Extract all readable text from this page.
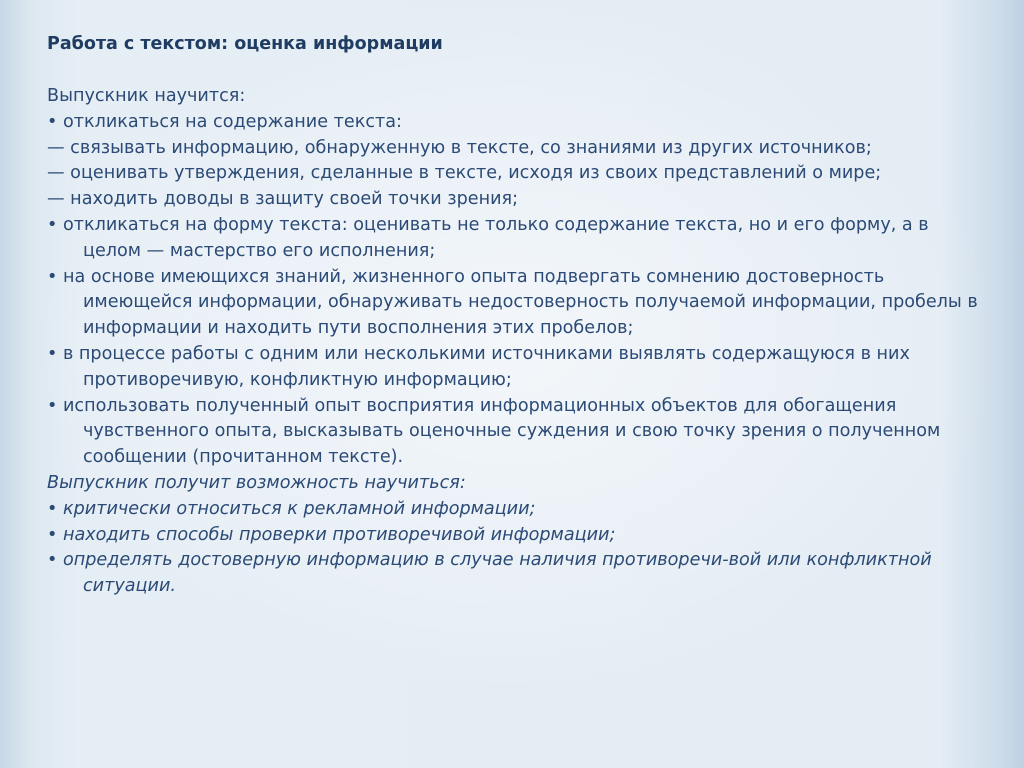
Работа с текстом: оценка информации

Выпускник научится:

• откликаться на содержание текста:

— связывать информацию, обнаруженную в тексте, со знаниями из других источников;

— оценивать утверждения, сделанные в тексте, исходя из своих представлений о мире;

— находить доводы в защиту своей точки зрения;

• откликаться на форму текста: оценивать не только содержание текста, но и его форму, а в целом — мастерство его исполнения;

• на основе имеющихся знаний, жизненного опыта подвергать сомнению достоверность имеющейся информации, обнаруживать недостоверность получаемой информации, пробелы в информации и находить пути восполнения этих пробелов;

• в процессе работы с одним или несколькими источниками выявлять содержащуюся в них противоречивую, конфликтную информацию;

• использовать полученный опыт восприятия информационных объектов для обогащения чувственного опыта, высказывать оценочные суждения и свою точку зрения о полученном сообщении (прочитанном тексте).

Выпускник получит возможность научиться:

• критически относиться к рекламной информации;

• находить способы проверки противоречивой информации;

• определять достоверную информацию в случае наличия противоречи-вой или конфликтной ситуации.
